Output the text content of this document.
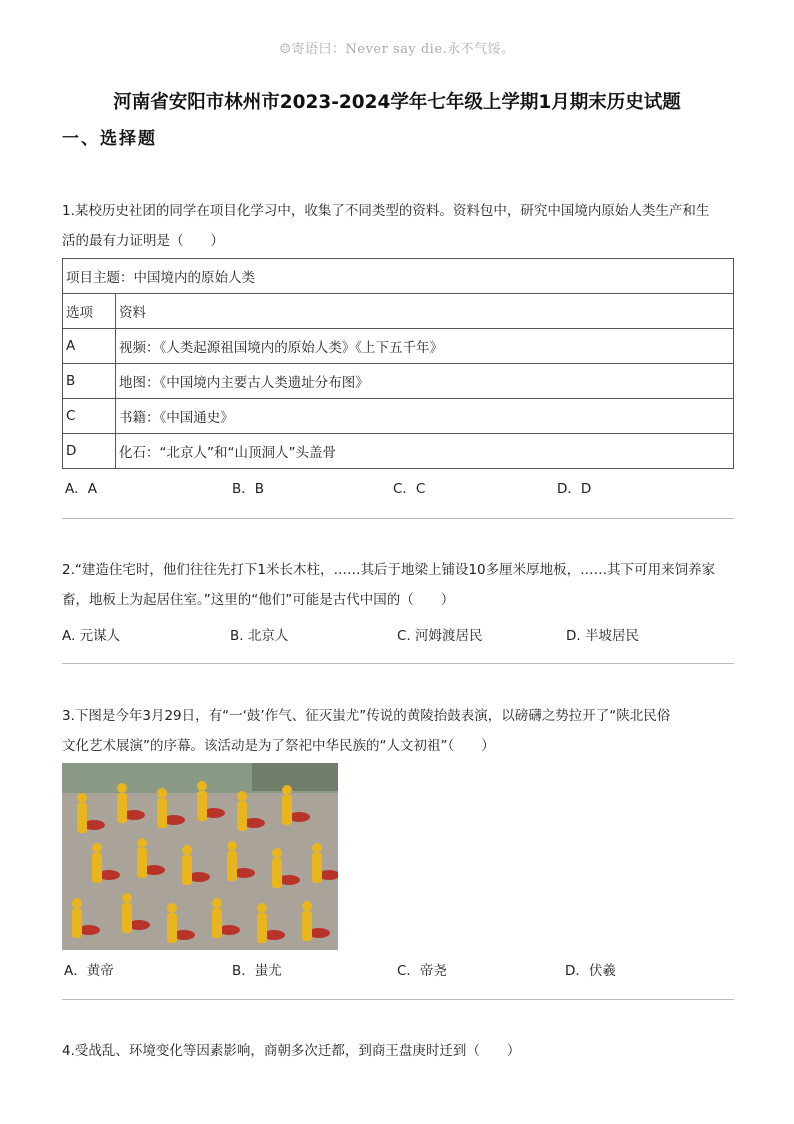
☺寄语曰：Never say die.永不气馁。
河南省安阳市林州市2023-2024学年七年级上学期1月期末历史试题
一、选择题
1.某校历史社团的同学在项目化学习中，收集了不同类型的资料。资料包中，研究中国境内原始人类生产和生
活的最有力证明是（　　）
项目主题：中国境内的原始人类	
选项	资料
A	视频：《人类起源祖国境内的原始人类》《上下五千年》
B	地图：《中国境内主要古人类遗址分布图》
C	书籍：《中国通史》
D	化石：“北京人”和“山顶洞人”头盖骨
A．A	B．B	C．C	D．D
2.“建造住宅时，他们往往先打下1米长木柱，……其后于地梁上铺设10多厘米厚地板，……其下可用来饲养家
畜，地板上为起居住室。”这里的“他们”可能是古代中国的（　　）
A. 元谋人	B. 北京人	C. 河姆渡居民	D. 半坡居民
3.下图是今年3月29日，有“一‘鼓’作气、征灭蚩尤”传说的黄陵抬鼓表演，以磅礴之势拉开了“陕北民俗
文化艺术展演”的序幕。该活动是为了祭祀中华民族的“人文初祖”（　　）
A．黄帝	B．蚩尤	C．帝尧	D．伏羲
4.受战乱、环境变化等因素影响，商朝多次迁都，到商王盘庚时迁到（　　）
